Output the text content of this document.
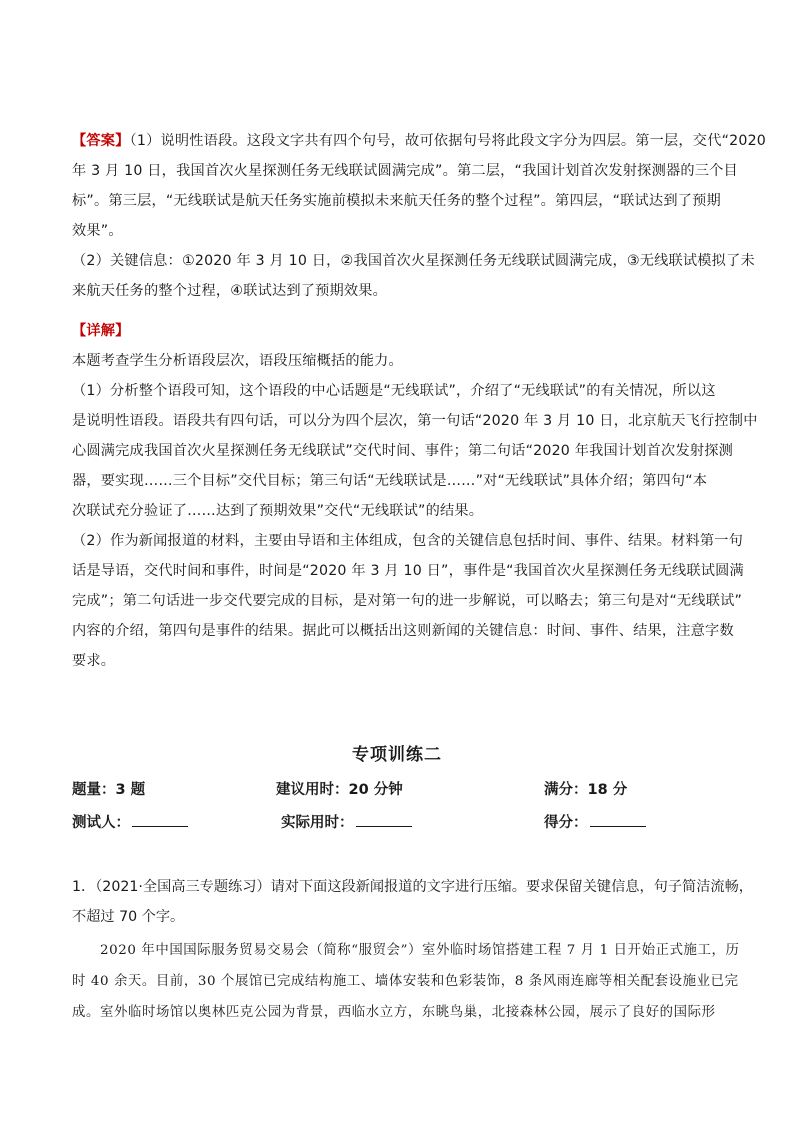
【答案】（1）说明性语段。这段文字共有四个句号，故可依据句号将此段文字分为四层。第一层，交代“2020
年 3 月 10 日，我国首次火星探测任务无线联试圆满完成”。第二层，“我国计划首次发射探测器的三个目
标”。第三层，“无线联试是航天任务实施前模拟未来航天任务的整个过程”。第四层，“联试达到了预期
效果”。
（2）关键信息：①2020 年 3 月 10 日，②我国首次火星探测任务无线联试圆满完成，③无线联试模拟了未
来航天任务的整个过程，④联试达到了预期效果。
【详解】
本题考查学生分析语段层次，语段压缩概括的能力。
（1）分析整个语段可知，这个语段的中心话题是“无线联试”，介绍了“无线联试”的有关情况，所以这
是说明性语段。语段共有四句话，可以分为四个层次，第一句话“2020 年 3 月 10 日，北京航天飞行控制中
心圆满完成我国首次火星探测任务无线联试”交代时间、事件；第二句话“2020 年我国计划首次发射探测
器，要实现……三个目标”交代目标；第三句话“无线联试是……”对“无线联试”具体介绍；第四句“本
次联试充分验证了……达到了预期效果”交代“无线联试”的结果。
（2）作为新闻报道的材料，主要由导语和主体组成，包含的关键信息包括时间、事件、结果。材料第一句
话是导语，交代时间和事件，时间是“2020 年 3 月 10 日”，事件是“我国首次火星探测任务无线联试圆满
完成”；第二句话进一步交代要完成的目标，是对第一句的进一步解说，可以略去；第三句是对“无线联试”
内容的介绍，第四句是事件的结果。据此可以概括出这则新闻的关键信息：时间、事件、结果，注意字数
要求。
专项训练二
题量：3 题	建议用时：20 分钟	满分：18 分
测试人：	实际用时：	得分：
1．（2021·全国高三专题练习）请对下面这段新闻报道的文字进行压缩。要求保留关键信息，句子简洁流畅，
不超过 70 个字。
2020 年中国国际服务贸易交易会（简称“服贸会”）室外临时场馆搭建工程 7 月 1 日开始正式施工，历
时 40 余天。目前，30 个展馆已完成结构施工、墙体安装和色彩装饰，8 条风雨连廊等相关配套设施业已完
成。室外临时场馆以奥林匹克公园为背景，西临水立方，东眺鸟巢，北接森林公园，展示了良好的国际形
